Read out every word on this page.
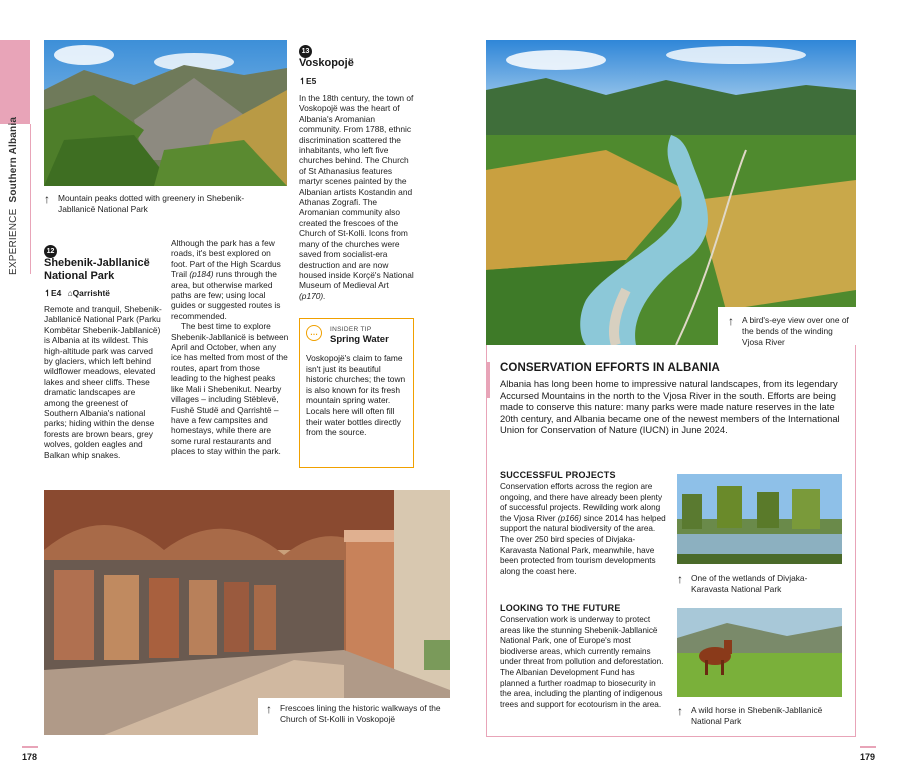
EXPERIENCESouthern Albania ↑ Mountain peaks dotted with greenery in Shebenik-Jabllanicë National Park
12
Shebenik-Jabllanicë National Park
↿E4 ⌂Qarrishtë
Remote and tranquil, Shebenik-Jabllanicë National Park (Parku Kombëtar Shebenik-Jabllanicë) is Albania at its wildest. This high-altitude park was carved by glaciers, which left behind wildflower meadows, elevated lakes and sheer cliffs. These dramatic landscapes are among the greenest of Southern Albania's national parks; hiding within the dense forests are brown bears, grey wolves, golden eagles and Balkan whip snakes.
Although the park has a few roads, it's best explored on foot. Part of the High Scardus Trail (p184) runs through the area, but otherwise marked paths are few; using local guides or suggested routes is recommended.
The best time to explore Shebenik-Jabllanicë is between April and October, when any ice has melted from most of the routes, apart from those leading to the highest peaks like Mali i Shebenikut. Nearby villages – including Stëblevë, Fushë Studë and Qarrishtë – have a few campsites and homestays, while there are some rural restaurants and places to stay within the park.
13
Voskopojë
↿E5
In the 18th century, the town of Voskopojë was the heart of Albania's Aromanian community. From 1788, ethnic discrimination scattered the inhabitants, who left five churches behind. The Church of St Athanasius features martyr scenes painted by the Albanian artists Kostandin and Athanas Zografi. The Aromanian community also created the frescoes of the Church of St-Kolli. Icons from many of the churches were saved from socialist-era destruction and are now housed inside Korçë's National Museum of Medieval Art (p170).
…	INSIDER TIP
Spring Water
Voskopojë's claim to fame isn't just its beautiful historic churches; the town is also known for its fresh mountain spring water. Locals here will often fill their water bottles directly from the source.
↑ Frescoes lining the historic walkways of the Church of St-Kolli in Voskopojë
↑ A bird's-eye view over one of the bends of the winding Vjosa River
CONSERVATION EFFORTS IN ALBANIA
Albania has long been home to impressive natural landscapes, from its legendary Accursed Mountains in the north to the Vjosa River in the south. Efforts are being made to conserve this nature: many parks were made nature reserves in the late 20th century, and Albania became one of the newest members of the International Union for Conservation of Nature (IUCN) in June 2024.
SUCCESSFUL PROJECTS
Conservation efforts across the region are ongoing, and there have already been plenty of successful projects. Rewilding work along the Vjosa River (p166) since 2014 has helped support the natural biodiversity of the area. The over 250 bird species of Divjaka-Karavasta National Park, meanwhile, have been protected from tourism developments along the coast here.
LOOKING TO THE FUTURE
Conservation work is underway to protect areas like the stunning Shebenik-Jabllanicë National Park, one of Europe's most biodiverse areas, which currently remains under threat from pollution and deforestation. The Albanian Development Fund has planned a further roadmap to biosecurity in the area, including the planting of indigenous trees and support for ecotourism in the area.
↑ One of the wetlands of Divjaka-Karavasta National Park
↑ A wild horse in Shebenik-Jabllanicë National Park
178	179
